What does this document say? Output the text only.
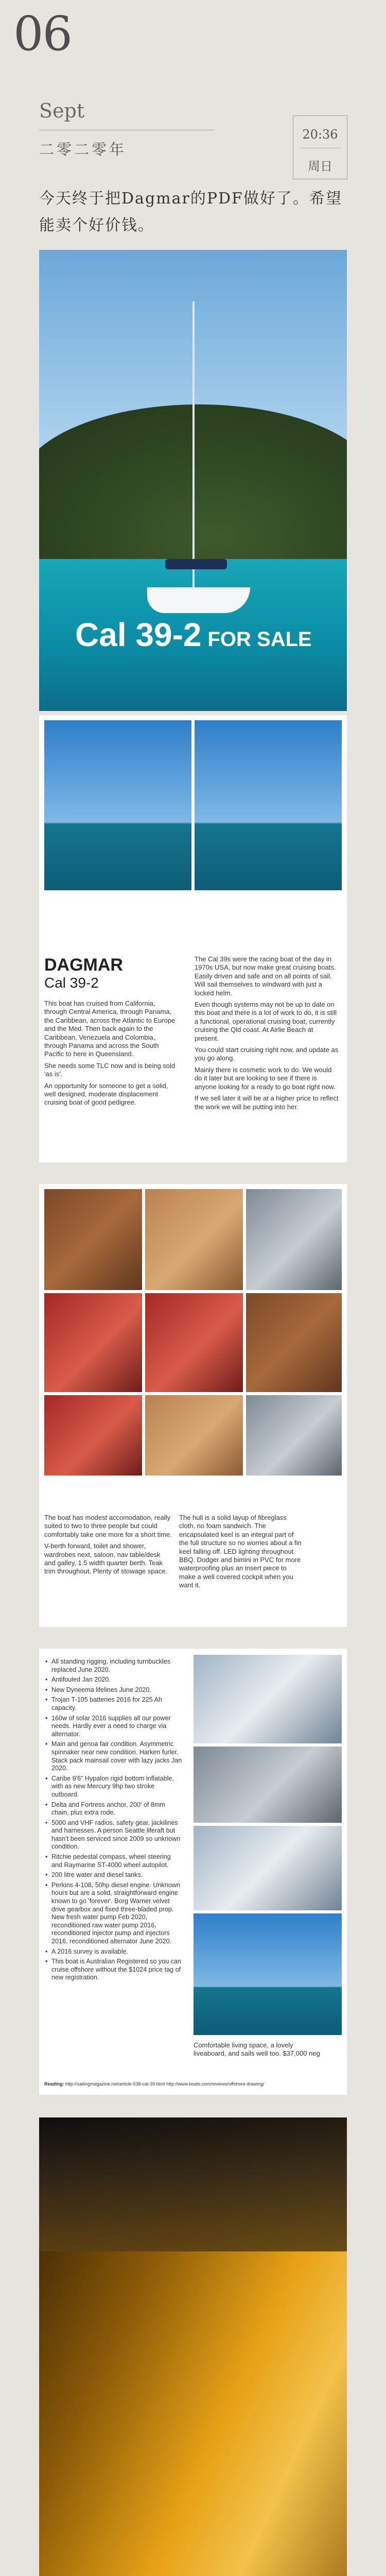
06
Sept
二零二零年
20:36
周日
今天终于把Dagmar的PDF做好了。希望能卖个好价钱。
Cal 39-2 FOR SALE
DAGMAR
Cal 39-2

This boat has cruised from California, through Central America, through Panama, the Caribbean, across the Atlantic to Europe and the Med. Then back again to the Caribbean, Venezuela and Colombia, through Panama and across the South Pacific to here in Queensland.

She needs some TLC now and is being sold 'as is'.

An opportunity for someone to get a solid, well designed, moderate displacement cruising boat of good pedigree.

The Cal 39s were the racing boat of the day in 1970s USA, but now make great cruising boats. Easily driven and safe and on all points of sail. Will sail themselves to windward with just a locked helm.

Even though systems may not be up to date on this boat and there is a lot of work to do, it is still a functional, operational cruising boat, currently cruising the Qld coast. At Airlie Beach at present.

You could start cruising right now, and update as you go along.

Mainly there is cosmetic work to do. We would do it later but are looking to see if there is anyone looking for a ready to go boat right now.

If we sell later it will be at a higher price to reflect the work we will be putting into her.

The boat has modest accomodation, really suited to two to three people but could comfortably take one more for a short time.

V-berth forward, toilet and shower, wardrobes next, saloon, nav table/desk and galley, 1.5 width quarter berth. Teak trim throughout. Plenty of stowage space.

The hull is a solid layup of fibreglass cloth, no foam sandwich. The encapsulated keel is an integral part of the full structure so no worries about a fin keel falling off. LED lighting throughout. BBQ. Dodger and bimini in PVC for more waterproofing plus an insert piece to make a well covered cockpit when you want it.

• All standing rigging, including turnbuckles replaced June 2020.
• Antifouled Jan 2020.
• New Dyneema lifelines June 2020.
• Trojan T-105 batteries 2016 for 225 Ah capacity.
• 160w of solar 2016 supplies all our power needs. Hardly ever a need to charge via alternator.
• Main and genoa fair condition. Asymmetric spinnaker near new condition. Harken furler. Stack pack mainsail cover with lazy jacks Jan 2020.
• Caribe 9'6" Hypalon rigid bottom inflatable, with as new Mercury 9hp two stroke outboard.
• Delta and Fortress anchor, 200' of 8mm chain, plus extra rode.
• 5000 and VHF radios, safety gear, jackilines and harnesses. A person Seattle liferaft but hasn't been serviced since 2009 so unknown condition.
• Ritchie pedestal compass, wheel steering and Raymarine ST-4000 wheel autopilot.
• 200 litre water and diesel tanks.
• Perkins 4-108, 50hp diesel engine. Unknown hours but are a solid, straightforward engine known to go 'forever'. Borg Warner velvet drive gearbox and fixed three-bladed prop. New fresh water pump Feb 2020, reconditioned raw water pump 2016, reconditioned injector pump and injectors 2016, reconditioned alternator June 2020.
• A 2016 survey is available.
• This boat is Australian Registered so you can cruise offshore without the $1024 price tag of new registration.
Comfortable living space, a lovely liveaboard, and sails well too. $37,000 neg
Reading: http://sailingmagazine.net/article-538-cal-39.html http://www.boats.com/reviews/offshore-drawing/
